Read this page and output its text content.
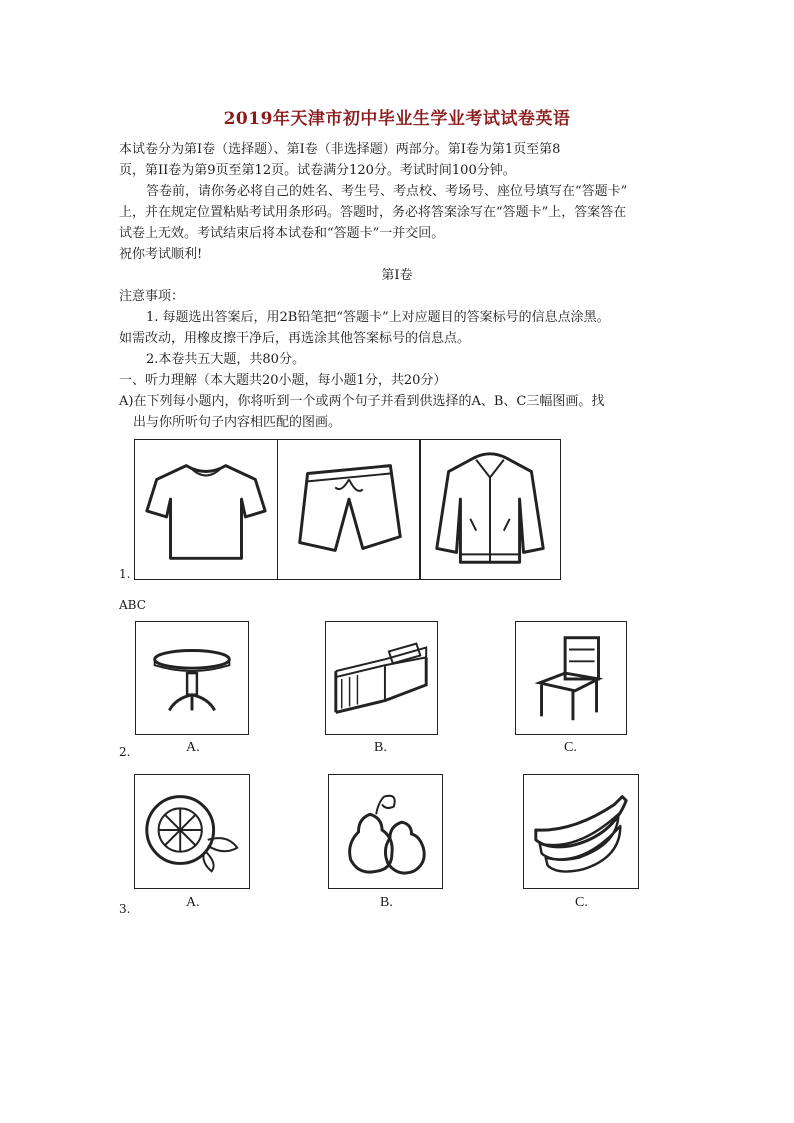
2019年天津市初中毕业生学业考试试卷英语
本试卷分为第Ⅰ卷（选择题）、第Ⅰ卷（非选择题）两部分。第Ⅰ卷为第1页至第8
页，第II卷为第9页至第12页。试卷满分120分。考试时间100分钟。
答卷前，请你务必将自己的姓名、考生号、考点校、考场号、座位号填写在“答题卡”
上，并在规定位置粘贴考试用条形码。答题时，务必将答案涂写在“答题卡”上，答案答在
试卷上无效。考试结束后将本试卷和“答题卡”一并交回。
祝你考试顺利!
第Ⅰ卷
注意事项：
1. 每题选出答案后，用2B铅笔把“答题卡”上对应题目的答案标号的信息点涂黑。
如需改动，用橡皮擦干净后，再选涂其他答案标号的信息点。
2.本卷共五大题，共80分。
一、听力理解（本大题共20小题，每小题1分，共20分）
A)在下列每小题内，你将听到一个或两个句子并看到供选择的A、B、C三幅图画。找
出与你所听句子内容相匹配的图画。
1.
ABC
2.	A.	B.	C.
3.	A.	B.	C.
